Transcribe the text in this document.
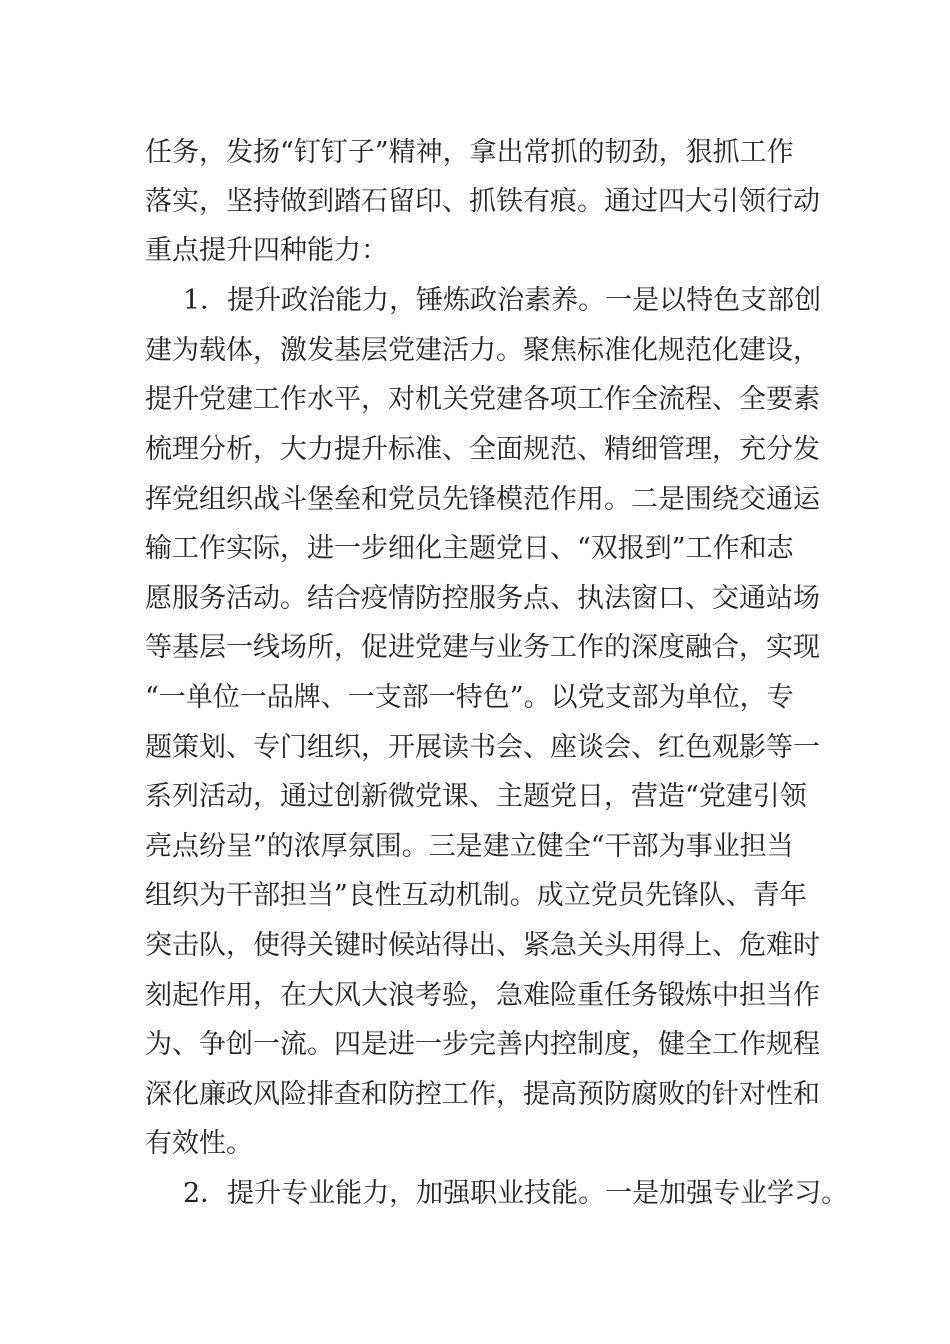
任务，发扬“钉钉子”精神，拿出常抓的韧劲，狠抓工作
落实，坚持做到踏石留印、抓铁有痕。通过四大引领行动
重点提升四种能力：
1．提升政治能力，锤炼政治素养。一是以特色支部创
建为载体，激发基层党建活力。聚焦标准化规范化建设，
提升党建工作水平，对机关党建各项工作全流程、全要素
梳理分析，大力提升标准、全面规范、精细管理，充分发
挥党组织战斗堡垒和党员先锋模范作用。二是围绕交通运
输工作实际，进一步细化主题党日、“双报到”工作和志
愿服务活动。结合疫情防控服务点、执法窗口、交通站场
等基层一线场所，促进党建与业务工作的深度融合，实现
“一单位一品牌、一支部一特色”。以党支部为单位，专
题策划、专门组织，开展读书会、座谈会、红色观影等一
系列活动，通过创新微党课、主题党日，营造“党建引领
亮点纷呈”的浓厚氛围。三是建立健全“干部为事业担当
组织为干部担当”良性互动机制。成立党员先锋队、青年
突击队，使得关键时候站得出、紧急关头用得上、危难时
刻起作用，在大风大浪考验，急难险重任务锻炼中担当作
为、争创一流。四是进一步完善内控制度，健全工作规程
深化廉政风险排查和防控工作，提高预防腐败的针对性和
有效性。
2．提升专业能力，加强职业技能。一是加强专业学习。
